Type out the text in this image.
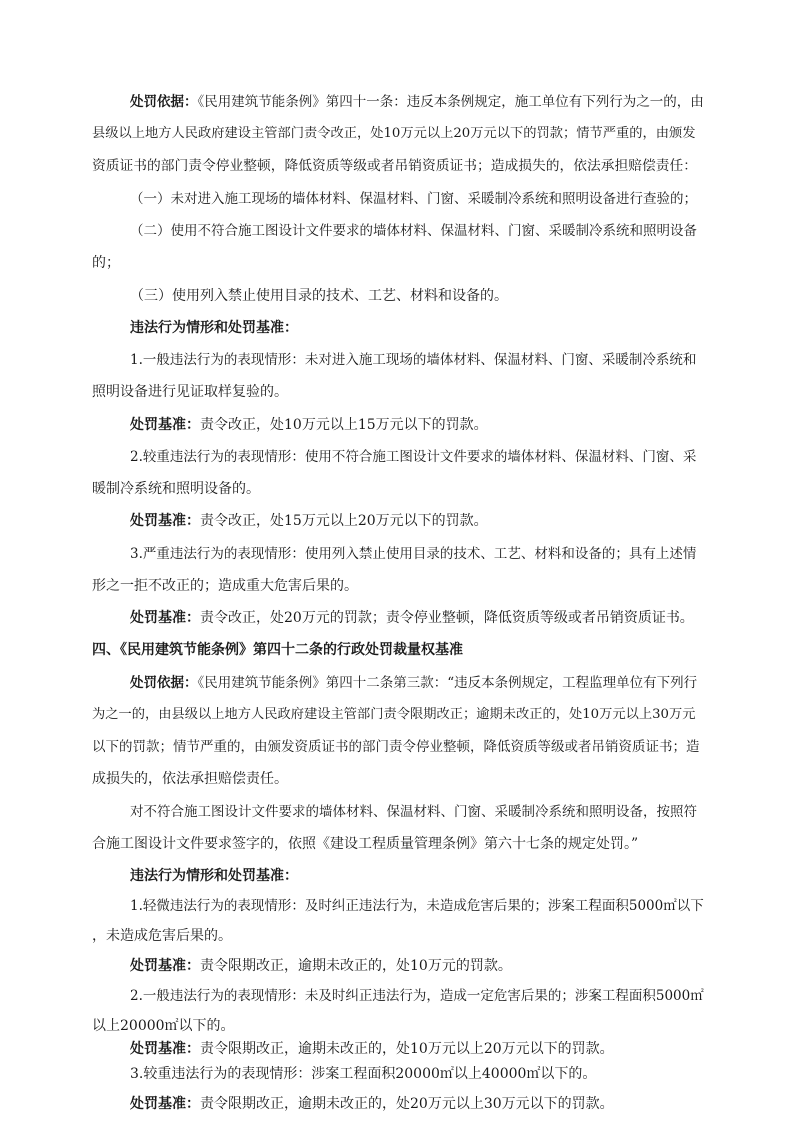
处罚依据：《民用建筑节能条例》第四十一条：违反本条例规定，施工单位有下列行为之一的，由
县级以上地方人民政府建设主管部门责令改正，处10万元以上20万元以下的罚款；情节严重的，由颁发
资质证书的部门责令停业整顿，降低资质等级或者吊销资质证书；造成损失的，依法承担赔偿责任：
（一）未对进入施工现场的墙体材料、保温材料、门窗、采暖制冷系统和照明设备进行查验的；
（二）使用不符合施工图设计文件要求的墙体材料、保温材料、门窗、采暖制冷系统和照明设备
的；
（三）使用列入禁止使用目录的技术、工艺、材料和设备的。
违法行为情形和处罚基准：
1.一般违法行为的表现情形：未对进入施工现场的墙体材料、保温材料、门窗、采暖制冷系统和
照明设备进行见证取样复验的。
处罚基准：责令改正，处10万元以上15万元以下的罚款。
2.较重违法行为的表现情形：使用不符合施工图设计文件要求的墙体材料、保温材料、门窗、采
暖制冷系统和照明设备的。
处罚基准：责令改正，处15万元以上20万元以下的罚款。
3.严重违法行为的表现情形：使用列入禁止使用目录的技术、工艺、材料和设备的；具有上述情
形之一拒不改正的；造成重大危害后果的。
处罚基准：责令改正，处20万元的罚款；责令停业整顿，降低资质等级或者吊销资质证书。
四、《民用建筑节能条例》第四十二条的行政处罚裁量权基准
处罚依据：《民用建筑节能条例》第四十二条第三款：“违反本条例规定，工程监理单位有下列行
为之一的，由县级以上地方人民政府建设主管部门责令限期改正；逾期未改正的，处10万元以上30万元
以下的罚款；情节严重的，由颁发资质证书的部门责令停业整顿，降低资质等级或者吊销资质证书；造
成损失的，依法承担赔偿责任。
对不符合施工图设计文件要求的墙体材料、保温材料、门窗、采暖制冷系统和照明设备，按照符
合施工图设计文件要求签字的，依照《建设工程质量管理条例》第六十七条的规定处罚。”
违法行为情形和处罚基准：
1.轻微违法行为的表现情形：及时纠正违法行为，未造成危害后果的；涉案工程面积5000㎡以下
，未造成危害后果的。
处罚基准：责令限期改正，逾期未改正的，处10万元的罚款。
2.一般违法行为的表现情形：未及时纠正违法行为，造成一定危害后果的；涉案工程面积5000㎡
以上20000㎡以下的。
处罚基准：责令限期改正，逾期未改正的，处10万元以上20万元以下的罚款。
3.较重违法行为的表现情形：涉案工程面积20000㎡以上40000㎡以下的。
处罚基准：责令限期改正，逾期未改正的，处20万元以上30万元以下的罚款。
